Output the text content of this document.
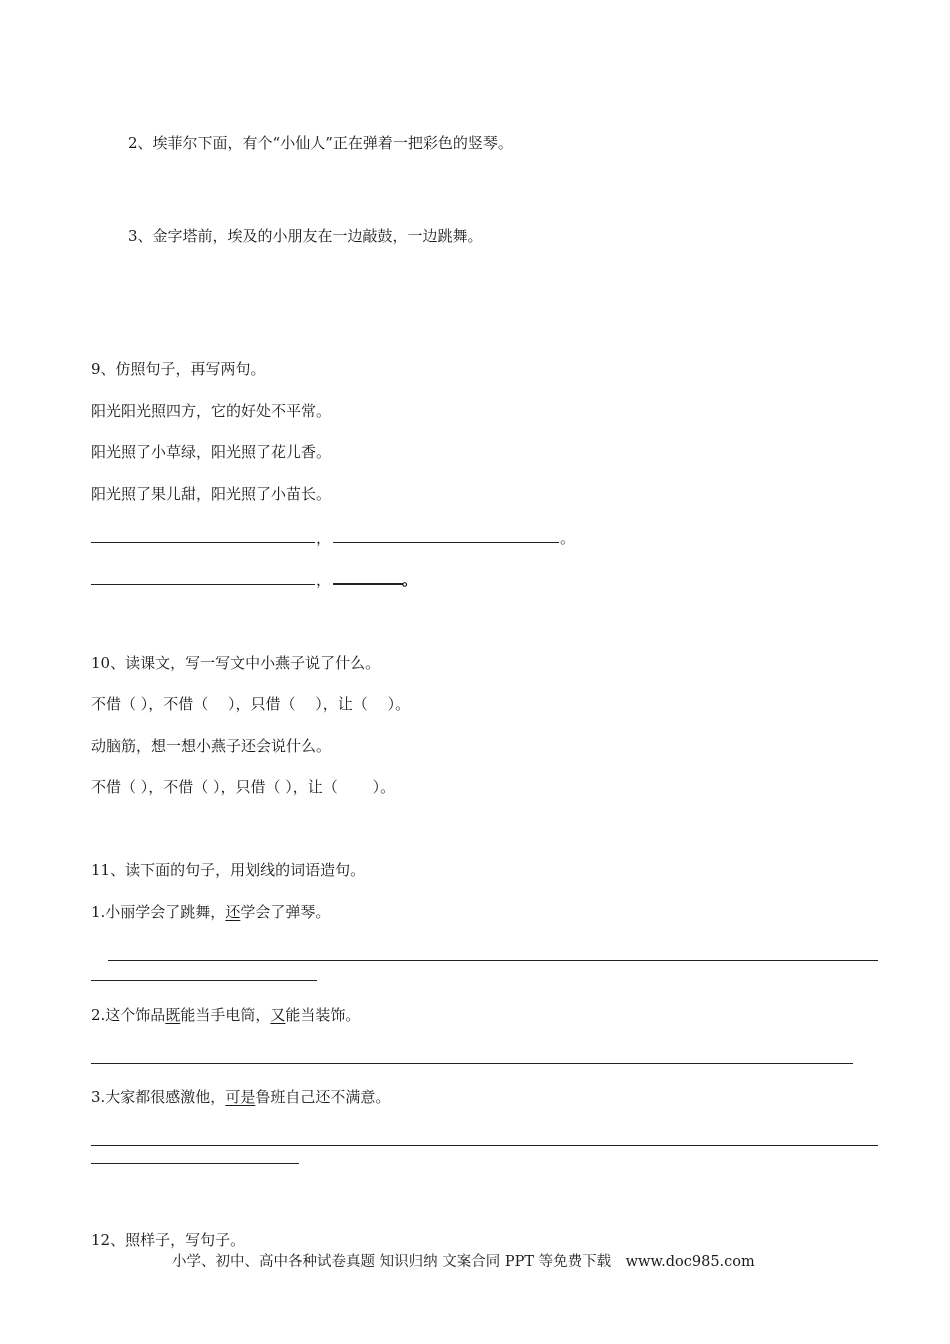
2、埃菲尔下面，有个“小仙人”正在弹着一把彩色的竖琴。
3、金字塔前，埃及的小朋友在一边敲鼓，一边跳舞。
9、仿照句子，再写两句。
阳光阳光照四方，它的好处不平常。
阳光照了小草绿，阳光照了花儿香。
阳光照了果儿甜，阳光照了小苗长。
，	。
，	。
10、读课文，写一写文中小燕子说了什么。
不借（ ），不借（　 ），只借（　 ），让（　 ）。
动脑筋，想一想小燕子还会说什么。
不借（ ），不借（ ），只借（ ），让（　　 ）。
11、读下面的句子，用划线的词语造句。
1.小丽学会了跳舞，还学会了弹琴。
2.这个饰品既能当手电筒，又能当装饰。
3.大家都很感激他，可是鲁班自己还不满意。
12、照样子，写句子。
小学、初中、高中各种试卷真题 知识归纳 文案合同 PPT 等免费下载　www.doc985.com
